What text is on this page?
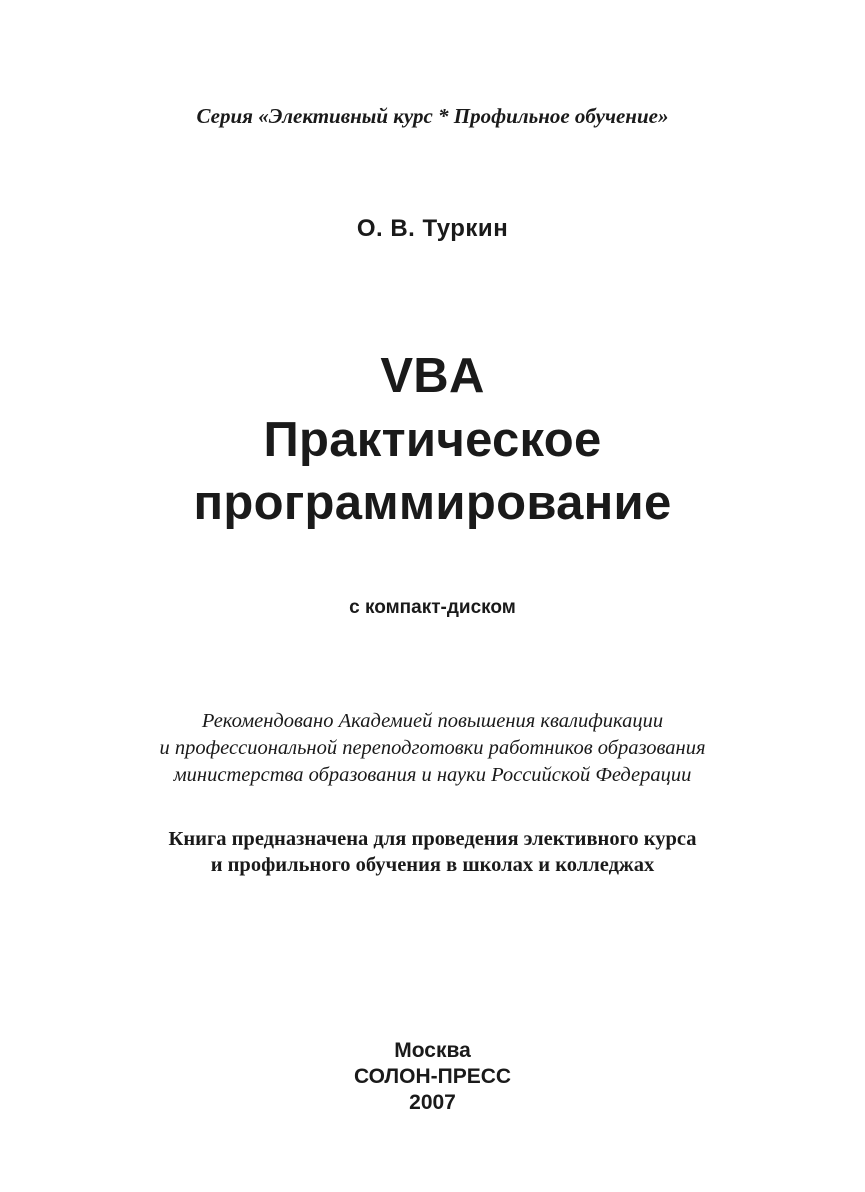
Серия «Элективный курс * Профильное обучение»
О. В. Туркин
VBA
Практическое
программирование
с компакт-диском
Рекомендовано Академией повышения квалификации
и профессиональной переподготовки работников образования
министерства образования и науки Российской Федерации
Книга предназначена для проведения элективного курса
и профильного обучения в школах и колледжах
Москва
СОЛОН-ПРЕСС
2007
